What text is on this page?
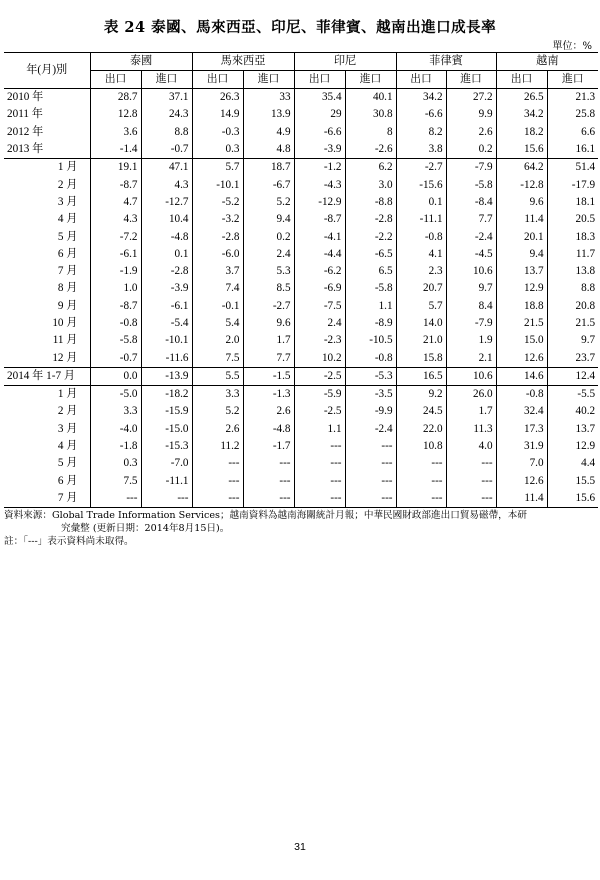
表 24 泰國、馬來西亞、印尼、菲律賓、越南出進口成長率
單位：%
年(月)別	泰國		馬來西亞		印尼		菲律賓		越南	
	出口	進口	出口	進口	出口	進口	出口	進口	出口	進口
2010 年	28.7	37.1	26.3	33	35.4	40.1	34.2	27.2	26.5	21.3
2011 年	12.8	24.3	14.9	13.9	29	30.8	-6.6	9.9	34.2	25.8
2012 年	3.6	8.8	-0.3	4.9	-6.6	8	8.2	2.6	18.2	6.6
2013 年	-1.4	-0.7	0.3	4.8	-3.9	-2.6	3.8	0.2	15.6	16.1
1 月	19.1	47.1	5.7	18.7	-1.2	6.2	-2.7	-7.9	64.2	51.4
2 月	-8.7	4.3	-10.1	-6.7	-4.3	3.0	-15.6	-5.8	-12.8	-17.9
3 月	4.7	-12.7	-5.2	5.2	-12.9	-8.8	0.1	-8.4	9.6	18.1
4 月	4.3	10.4	-3.2	9.4	-8.7	-2.8	-11.1	7.7	11.4	20.5
5 月	-7.2	-4.8	-2.8	0.2	-4.1	-2.2	-0.8	-2.4	20.1	18.3
6 月	-6.1	0.1	-6.0	2.4	-4.4	-6.5	4.1	-4.5	9.4	11.7
7 月	-1.9	-2.8	3.7	5.3	-6.2	6.5	2.3	10.6	13.7	13.8
8 月	1.0	-3.9	7.4	8.5	-6.9	-5.8	20.7	9.7	12.9	8.8
9 月	-8.7	-6.1	-0.1	-2.7	-7.5	1.1	5.7	8.4	18.8	20.8
10 月	-0.8	-5.4	5.4	9.6	2.4	-8.9	14.0	-7.9	21.5	21.5
11 月	-5.8	-10.1	2.0	1.7	-2.3	-10.5	21.0	1.9	15.0	9.7
12 月	-0.7	-11.6	7.5	7.7	10.2	-0.8	15.8	2.1	12.6	23.7
2014 年 1-7 月	0.0	-13.9	5.5	-1.5	-2.5	-5.3	16.5	10.6	14.6	12.4
1 月	-5.0	-18.2	3.3	-1.3	-5.9	-3.5	9.2	26.0	-0.8	-5.5
2 月	3.3	-15.9	5.2	2.6	-2.5	-9.9	24.5	1.7	32.4	40.2
3 月	-4.0	-15.0	2.6	-4.8	1.1	-2.4	22.0	11.3	17.3	13.7
4 月	-1.8	-15.3	11.2	-1.7	---	---	10.8	4.0	31.9	12.9
5 月	0.3	-7.0	---	---	---	---	---	---	7.0	4.4
6 月	7.5	-11.1	---	---	---	---	---	---	12.6	15.5
7 月	---	---	---	---	---	---	---	---	11.4	15.6
資料來源：Global Trade Information Services；越南資料為越南海關統計月報；中華民國財政部進出口貿易磁帶，本研
究彙整 (更新日期：2014年8月15日)。
註：「---」表示資料尚未取得。
31
